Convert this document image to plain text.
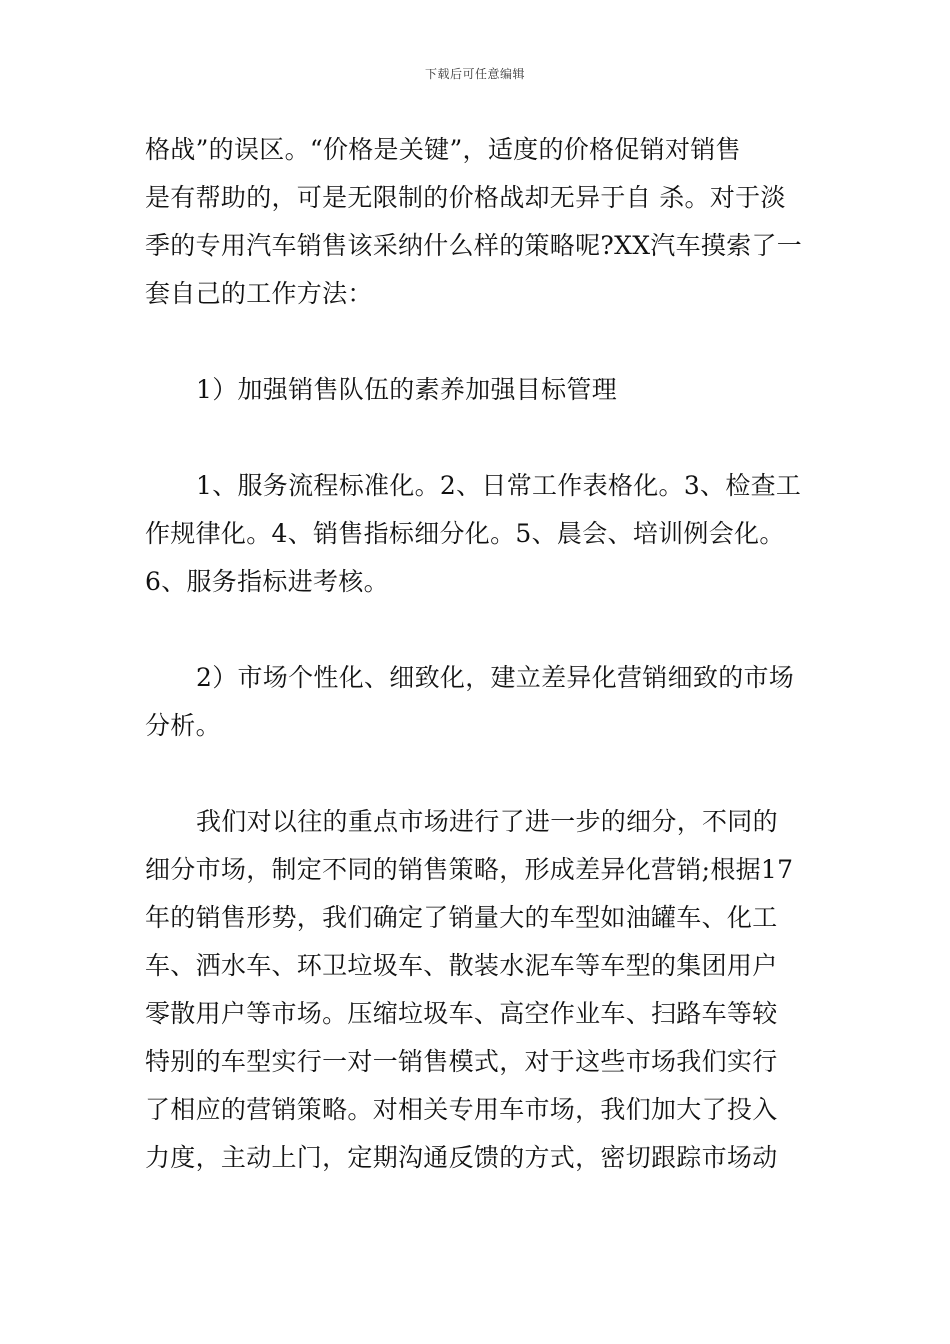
下载后可任意编辑
格战”的误区。“价格是关键”，适度的价格促销对销售
是有帮助的，可是无限制的价格战却无异于自 杀。对于淡
季的专用汽车销售该采纳什么样的策略呢?XX汽车摸索了一
套自己的工作方法：
1）加强销售队伍的素养加强目标管理
1、服务流程标准化。2、日常工作表格化。3、检查工
作规律化。4、销售指标细分化。5、晨会、培训例会化。
6、服务指标进考核。
2）市场个性化、细致化，建立差异化营销细致的市场
分析。
我们对以往的重点市场进行了进一步的细分，不同的
细分市场，制定不同的销售策略，形成差异化营销;根据17
年的销售形势，我们确定了销量大的车型如油罐车、化工
车、洒水车、环卫垃圾车、散装水泥车等车型的集团用户
零散用户等市场。压缩垃圾车、高空作业车、扫路车等较
特别的车型实行一对一销售模式，对于这些市场我们实行
了相应的营销策略。对相关专用车市场，我们加大了投入
力度，主动上门，定期沟通反馈的方式，密切跟踪市场动
